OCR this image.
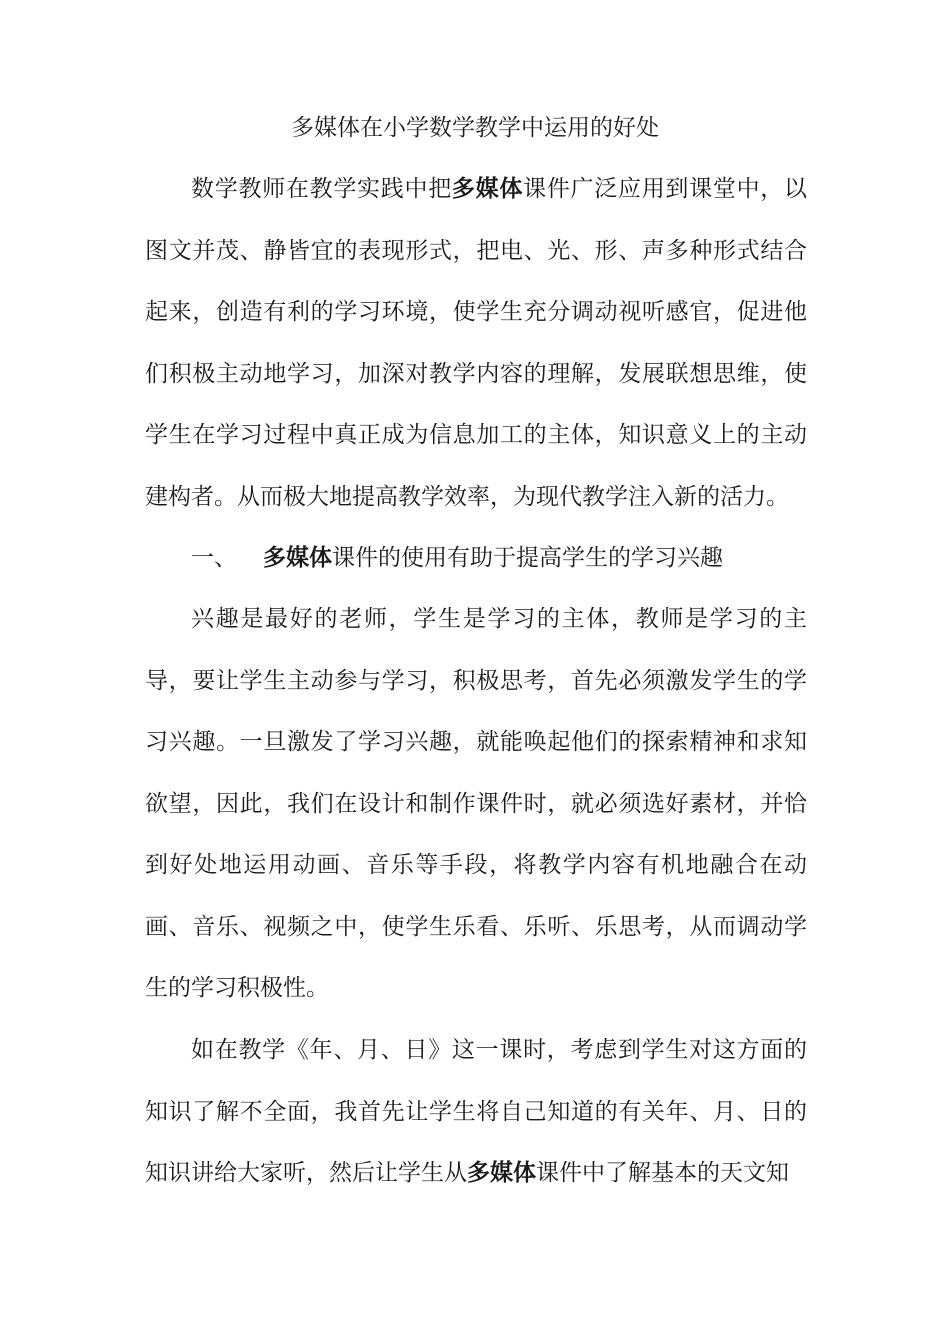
多媒体在小学数学教学中运用的好处

数学教师在教学实践中把多媒体课件广泛应用到课堂中，以图文并茂、静皆宜的表现形式，把电、光、形、声多种形式结合起来，创造有利的学习环境，使学生充分调动视听感官，促进他们积极主动地学习，加深对教学内容的理解，发展联想思维，使学生在学习过程中真正成为信息加工的主体，知识意义上的主动建构者。从而极大地提高教学效率，为现代教学注入新的活力。

一、 多媒体课件的使用有助于提高学生的学习兴趣

兴趣是最好的老师，学生是学习的主体，教师是学习的主导，要让学生主动参与学习，积极思考，首先必须激发学生的学习兴趣。一旦激发了学习兴趣，就能唤起他们的探索精神和求知欲望，因此，我们在设计和制作课件时，就必须选好素材，并恰到好处地运用动画、音乐等手段，将教学内容有机地融合在动画、音乐、视频之中，使学生乐看、乐听、乐思考，从而调动学生的学习积极性。

如在教学《年、月、日》这一课时，考虑到学生对这方面的知识了解不全面，我首先让学生将自己知道的有关年、月、日的知识讲给大家听，然后让学生从多媒体课件中了解基本的天文知
